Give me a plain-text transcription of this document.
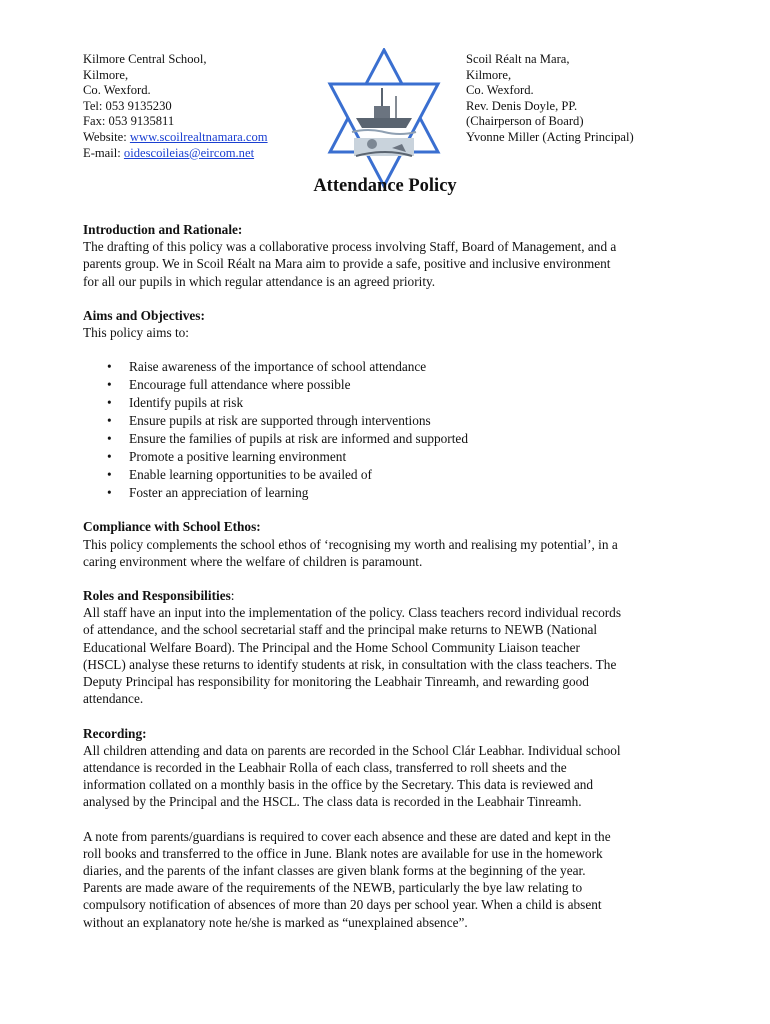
Kilmore Central School,
Kilmore,
Co. Wexford.
Tel: 053 9135230
Fax: 053 9135811
Website: www.scoilrealtnamara.com
E-mail: oidescoileias@eircom.net
Scoil Réalt na Mara,
Kilmore,
Co. Wexford.
Rev. Denis Doyle, PP.
(Chairperson of Board)
Yvonne Miller (Acting Principal)
Attendance Policy

Introduction and Rationale:

The drafting of this policy was a collaborative process involving Staff, Board of Management, and a

parents group. We in Scoil Réalt na Mara aim to provide a safe, positive and inclusive environment

for all our pupils in which regular attendance is an agreed priority.

Aims and Objectives:

This policy aims to:

• Raise awareness of the importance of school attendance
• Encourage full attendance where possible
• Identify pupils at risk
• Ensure pupils at risk are supported through interventions
• Ensure the families of pupils at risk are informed and supported
• Promote a positive learning environment
• Enable learning opportunities to be availed of
• Foster an appreciation of learning

Compliance with School Ethos:

This policy complements the school ethos of ‘recognising my worth and realising my potential’, in a

caring environment where the welfare of children is paramount.

Roles and Responsibilities:

All staff have an input into the implementation of the policy. Class teachers record individual records

of attendance, and the school secretarial staff and the principal make returns to NEWB (National

Educational Welfare Board). The Principal and the Home School Community Liaison teacher

(HSCL) analyse these returns to identify students at risk, in consultation with the class teachers. The

Deputy Principal has responsibility for monitoring the Leabhair Tinreamh, and rewarding good

attendance.

Recording:

All children attending and data on parents are recorded in the School Clár Leabhar. Individual school

attendance is recorded in the Leabhair Rolla of each class, transferred to roll sheets and the

information collated on a monthly basis in the office by the Secretary. This data is reviewed and

analysed by the Principal and the HSCL. The class data is recorded in the Leabhair Tinreamh.

A note from parents/guardians is required to cover each absence and these are dated and kept in the

roll books and transferred to the office in June. Blank notes are available for use in the homework

diaries, and the parents of the infant classes are given blank forms at the beginning of the year.

Parents are made aware of the requirements of the NEWB, particularly the bye law relating to

compulsory notification of absences of more than 20 days per school year. When a child is absent

without an explanatory note he/she is marked as “unexplained absence”.
